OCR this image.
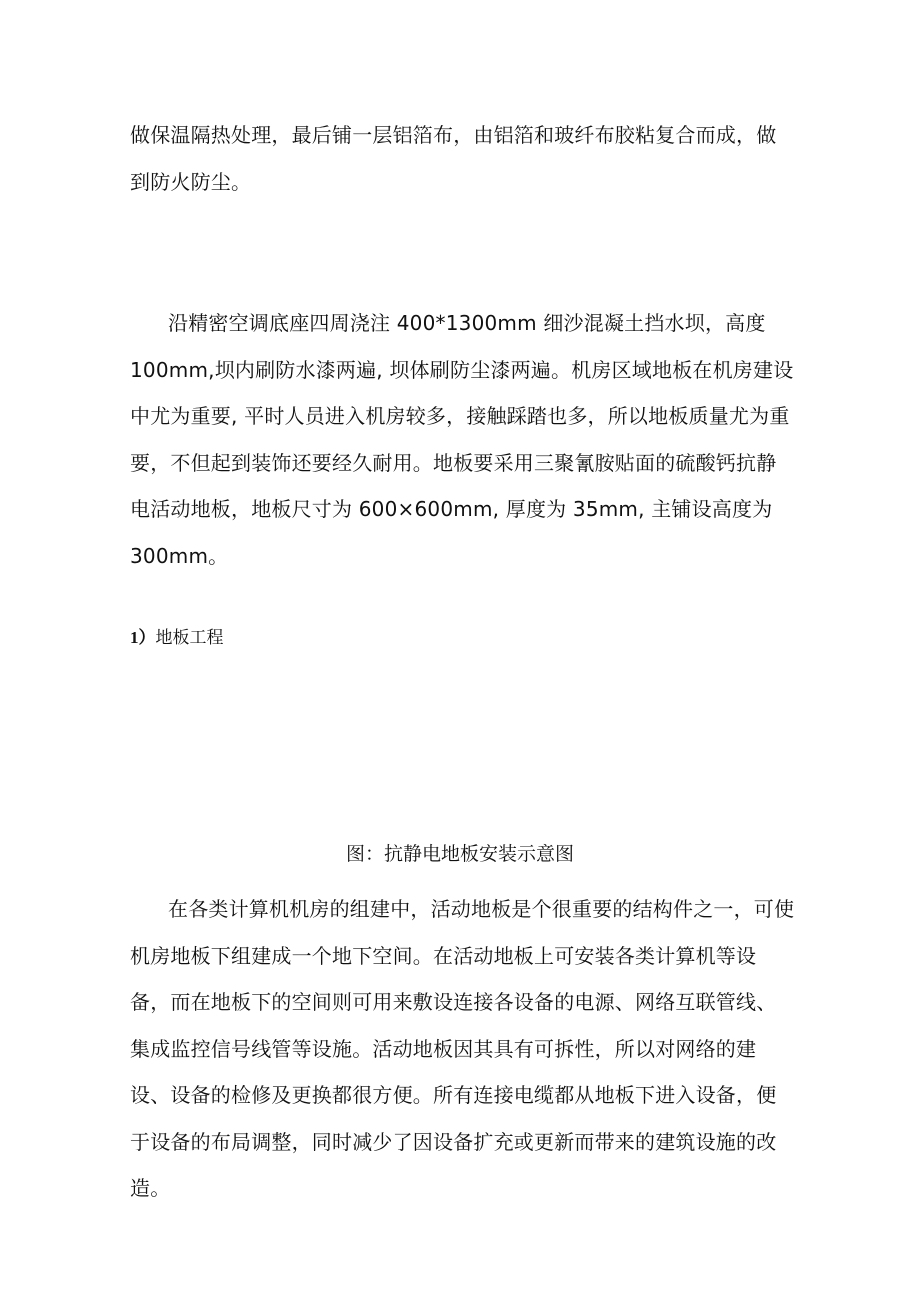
做保温隔热处理，最后铺一层铝箔布，由铝箔和玻纤布胶粘复合而成，做到防火防尘。

沿精密空调底座四周浇注 400*1300mm 细沙混凝土挡水坝，高度100mm,坝内刷防水漆两遍, 坝体刷防尘漆两遍。机房区域地板在机房建设中尤为重要, 平时人员进入机房较多，接触踩踏也多，所以地板质量尤为重要，不但起到装饰还要经久耐用。地板要采用三聚氰胺贴面的硫酸钙抗静电活动地板，地板尺寸为 600×600mm, 厚度为 35mm, 主铺设高度为300mm。

1）地板工程

图：抗静电地板安装示意图

在各类计算机机房的组建中，活动地板是个很重要的结构件之一，可使机房地板下组建成一个地下空间。在活动地板上可安装各类计算机等设备，而在地板下的空间则可用来敷设连接各设备的电源、网络互联管线、集成监控信号线管等设施。活动地板因其具有可拆性，所以对网络的建设、设备的检修及更换都很方便。所有连接电缆都从地板下进入设备，便于设备的布局调整，同时减少了因设备扩充或更新而带来的建筑设施的改造。
